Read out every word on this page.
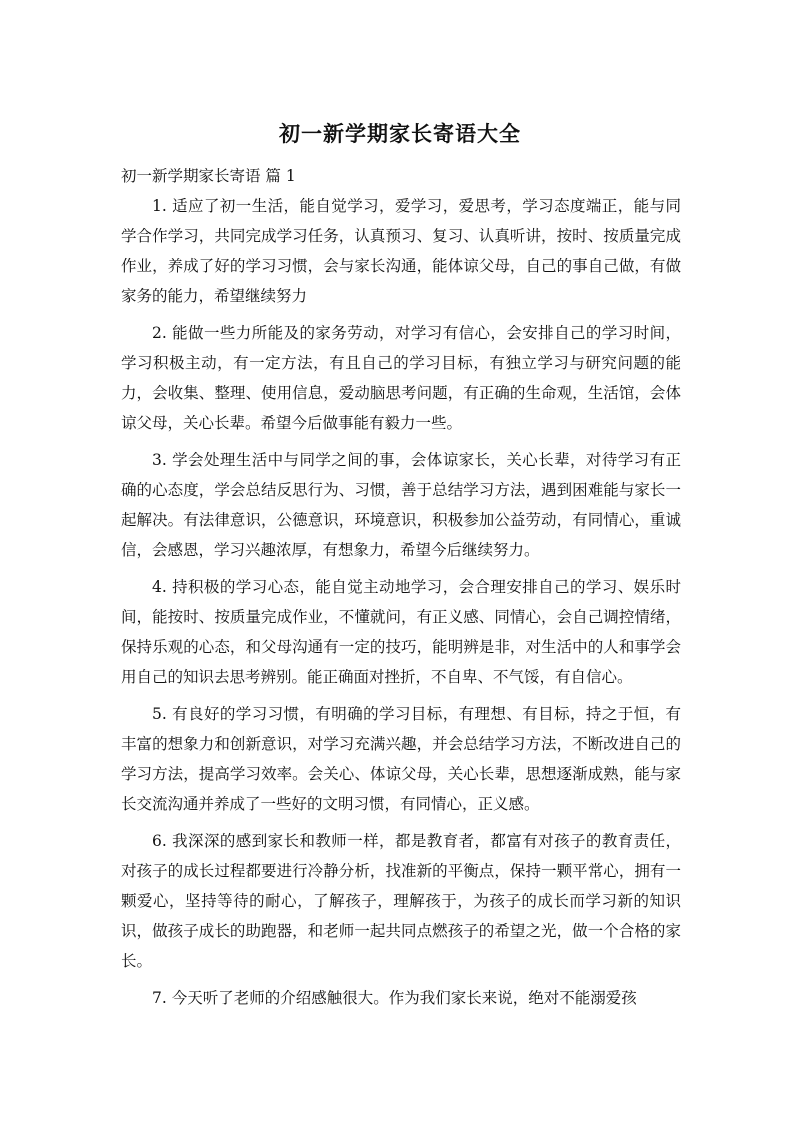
初一新学期家长寄语大全

初一新学期家长寄语 篇 1

1. 适应了初一生活，能自觉学习，爱学习，爱思考，学习态度端正，能与同学合作学习，共同完成学习任务，认真预习、复习、认真听讲，按时、按质量完成作业，养成了好的学习习惯，会与家长沟通，能体谅父母，自己的事自己做，有做家务的能力，希望继续努力

2. 能做一些力所能及的家务劳动，对学习有信心，会安排自己的学习时间，学习积极主动，有一定方法，有且自己的学习目标，有独立学习与研究问题的能力，会收集、整理、使用信息，爱动脑思考问题，有正确的生命观，生活馆，会体谅父母，关心长辈。希望今后做事能有毅力一些。

3. 学会处理生活中与同学之间的事，会体谅家长，关心长辈，对待学习有正确的心态度，学会总结反思行为、习惯，善于总结学习方法，遇到困难能与家长一起解决。有法律意识，公德意识，环境意识，积极参加公益劳动，有同情心，重诚信，会感恩，学习兴趣浓厚，有想象力，希望今后继续努力。

4. 持积极的学习心态，能自觉主动地学习，会合理安排自己的学习、娱乐时间，能按时、按质量完成作业，不懂就问，有正义感、同情心，会自己调控情绪，保持乐观的心态，和父母沟通有一定的技巧，能明辨是非，对生活中的人和事学会用自己的知识去思考辨别。能正确面对挫折，不自卑、不气馁，有自信心。

5. 有良好的学习习惯，有明确的学习目标，有理想、有目标，持之于恒，有丰富的想象力和创新意识，对学习充满兴趣，并会总结学习方法，不断改进自己的学习方法，提高学习效率。会关心、体谅父母，关心长辈，思想逐渐成熟，能与家长交流沟通并养成了一些好的文明习惯，有同情心，正义感。

6. 我深深的感到家长和教师一样，都是教育者，都富有对孩子的教育责任，对孩子的成长过程都要进行冷静分析，找准新的平衡点，保持一颗平常心，拥有一颗爱心，坚持等待的耐心，了解孩子，理解孩于，为孩子的成长而学习新的知识识，做孩子成长的助跑器，和老师一起共同点燃孩子的希望之光，做一个合格的家长。

7. 今天听了老师的介绍感触很大。作为我们家长来说，绝对不能溺爱孩
